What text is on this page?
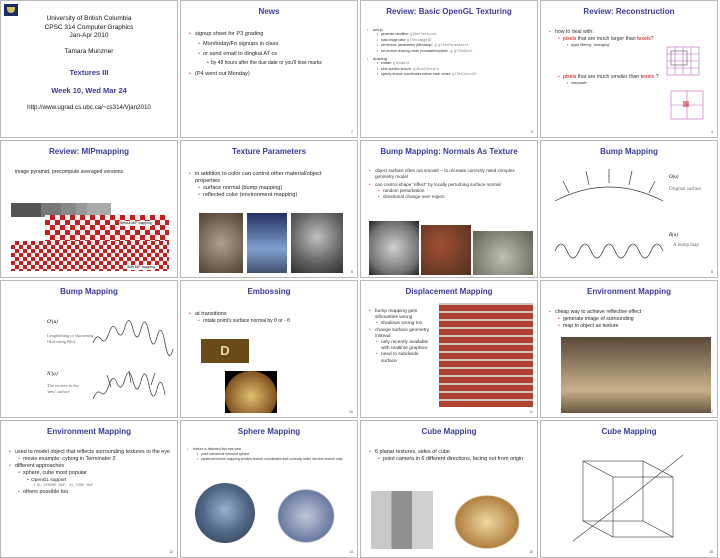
University of British Columbia
CPSC 314 Computer Graphics
Jan-Apr 2010
Tamara Munzner
Textures III
Week 10, Wed Mar 24
http://www.ugrad.cs.ubc.ca/~cs314/Vjan2010
News
• signup sheet for P3 grading
• Mon/today/Fri signups in class
• or send email to dingkai AT cs
• by 48 hours after the due date or you'll lose marks
• (P4 went out Monday)
2
Review: Basic OpenGL Texturing
• setup
• generate identifier: glGenTextures
• load image data: glTexImage2D
• set texture parameters (tile/clamp/...): glTexParameteri
• set texture drawing mode (modulate/replace/...): glTexEnvf
• drawing
• enable: glEnable
• bind specific texture: glBindTexture
• specify texture coordinates before each vertex: glTexCoord2f
3
Review: Reconstruction
• how to deal with:
• pixels that are much larger than texels?
• apply filtering, “averaging”
• pixels that are much smaller than texels ?
• interpolate
4
Review: MIPmapping
image pyramid, precompute averaged versions
Without MIP-mapping
With MIP-mapping
Texture Parameters
• in addition to color can control other material/object properties
• surface normal (bump mapping)
• reflected color (environment mapping)
6
Bump Mapping: Normals As Texture
• object surface often not smooth – to recreate correctly need complex geometry model
• can control shape “effect” by locally perturbing surface normal
• random perturbation
• directional change over region
7
Bump Mapping
O(u)
Original surface
B(u)
A bump map
8
Bump Mapping
O'(u)
Lengthening or shortening
O(u) using B(u)
N'(u)
The vectors to the
'new' surface
Embossing
• at transitions
• rotate point’s surface normal by θ or - θ
D
10
Displacement Mapping
• bump mapping gets silhouettes wrong
• shadows wrong too
• change surface geometry instead
• only recently available with realtime graphics
• need to subdivide surface
11
Environment Mapping
• cheap way to achieve reflective effect
• generate image of surrounding
• map to object as texture
12
Environment Mapping
• used to model object that reflects surrounding textures to the eye
• movie example: cyborg in Terminator 2
• different approaches
• sphere, cube most popular
• OpenGL support
• GL_SPHERE_MAP, GL_CUBE_MAP
• others possible too
13
Sphere Mapping
• texture is distorted fish-eye view
• point camera at mirrored sphere
• spherical texture mapping creates texture coordinates that correctly index into this texture map
14
Cube Mapping
• 6 planar textures, sides of cube
• point camera in 6 different directions, facing out from origin
15
Cube Mapping
16
